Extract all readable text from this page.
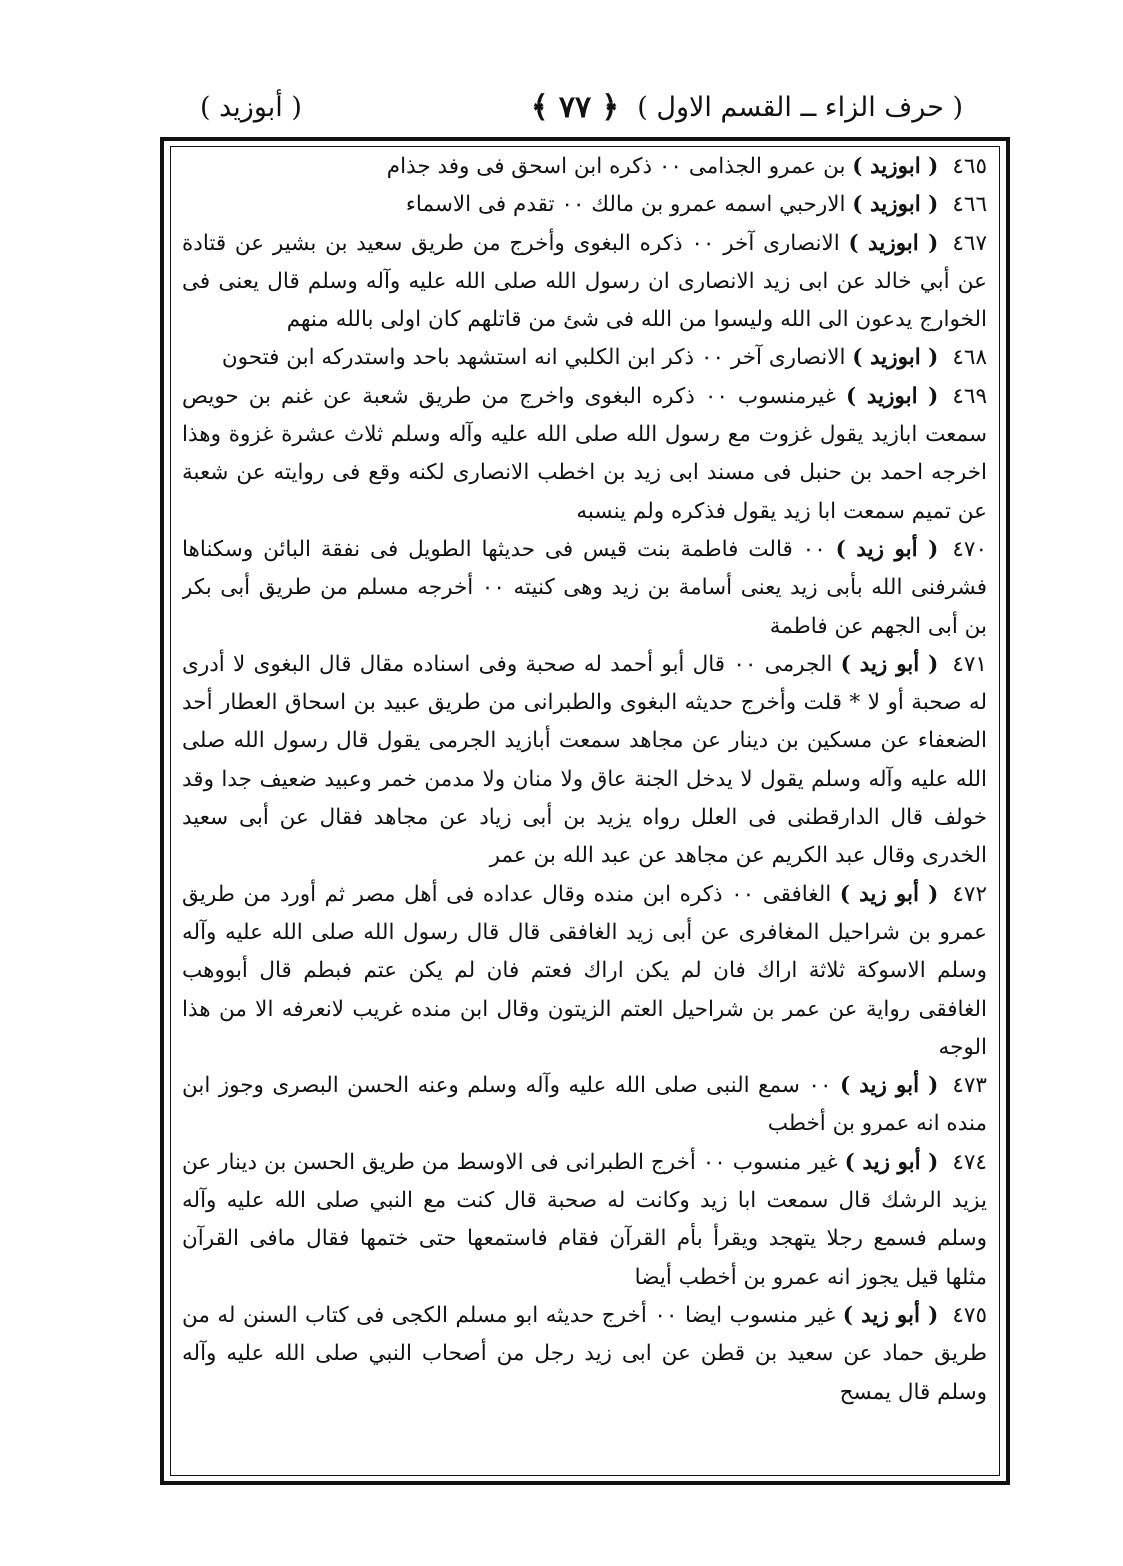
( حرف الزاء ــ القسم الاول )
﴿ ٧٧ ﴾
( أبوزيد )

٤٦٥( ابوزيد ) بن عمرو الجذامى ٠٠ ذكره ابن اسحق فى وفد جذام

٤٦٦( ابوزيد ) الارحبي اسمه عمرو بن مالك ٠٠ تقدم فى الاسماء

٤٦٧( ابوزيد ) الانصارى آخر ٠٠ ذكره البغوى وأخرج من طريق سعيد بن بشير عن قتادة عن أبي خالد عن ابى زيد الانصارى ان رسول الله صلى الله عليه وآله وسلم قال يعنى فى الخوارج يدعون الى الله وليسوا من الله فى شئ من قاتلهم كان اولى بالله منهم

٤٦٨( ابوزيد ) الانصارى آخر ٠٠ ذكر ابن الكلبي انه استشهد باحد واستدركه ابن فتحون

٤٦٩( ابوزيد ) غيرمنسوب ٠٠ ذكره البغوى واخرج من طريق شعبة عن غنم بن حويص سمعت ابازيد يقول غزوت مع رسول الله صلى الله عليه وآله وسلم ثلاث عشرة غزوة وهذا اخرجه احمد بن حنبل فى مسند ابى زيد بن اخطب الانصارى لكنه وقع فى روايته عن شعبة عن تميم سمعت ابا زيد يقول فذكره ولم ينسبه

٤٧٠( أبو زيد ) ٠٠ قالت فاطمة بنت قيس فى حديثها الطويل فى نفقة البائن وسكناها فشرفنى الله بأبى زيد يعنى أسامة بن زيد وهى كنيته ٠٠ أخرجه مسلم من طريق أبى بكر بن أبى الجهم عن فاطمة

٤٧١( أبو زيد ) الجرمى ٠٠ قال أبو أحمد له صحبة وفى اسناده مقال قال البغوى لا أدرى له صحبة أو لا * قلت وأخرج حديثه البغوى والطبرانى من طريق عبيد بن اسحاق العطار أحد الضعفاء عن مسكين بن دينار عن مجاهد سمعت أبازيد الجرمى يقول قال رسول الله صلى الله عليه وآله وسلم يقول لا يدخل الجنة عاق ولا منان ولا مدمن خمر وعبيد ضعيف جدا وقد خولف قال الدارقطنى فى العلل رواه يزيد بن أبى زياد عن مجاهد فقال عن أبى سعيد الخدرى وقال عبد الكريم عن مجاهد عن عبد الله بن عمر

٤٧٢( أبو زيد ) الغافقى ٠٠ ذكره ابن منده وقال عداده فى أهل مصر ثم أورد من طريق عمرو بن شراحيل المغافرى عن أبى زيد الغافقى قال قال رسول الله صلى الله عليه وآله وسلم الاسوكة ثلاثة اراك فان لم يكن اراك فعتم فان لم يكن عتم فبطم قال أبووهب الغافقى رواية عن عمر بن شراحيل العتم الزيتون وقال ابن منده غريب لانعرفه الا من هذا الوجه

٤٧٣( أبو زيد ) ٠٠ سمع النبى صلى الله عليه وآله وسلم وعنه الحسن البصرى وجوز ابن منده انه عمرو بن أخطب

٤٧٤( أبو زيد ) غير منسوب ٠٠ أخرج الطبرانى فى الاوسط من طريق الحسن بن دينار عن يزيد الرشك قال سمعت ابا زيد وكانت له صحبة قال كنت مع النبي صلى الله عليه وآله وسلم فسمع رجلا يتهجد ويقرأ بأم القرآن فقام فاستمعها حتى ختمها فقال مافى القرآن مثلها قيل يجوز انه عمرو بن أخطب أيضا

٤٧٥( أبو زيد ) غير منسوب ايضا ٠٠ أخرج حديثه ابو مسلم الكجى فى كتاب السنن له من طريق حماد عن سعيد بن قطن عن ابى زيد رجل من أصحاب النبي صلى الله عليه وآله وسلم قال يمسح
